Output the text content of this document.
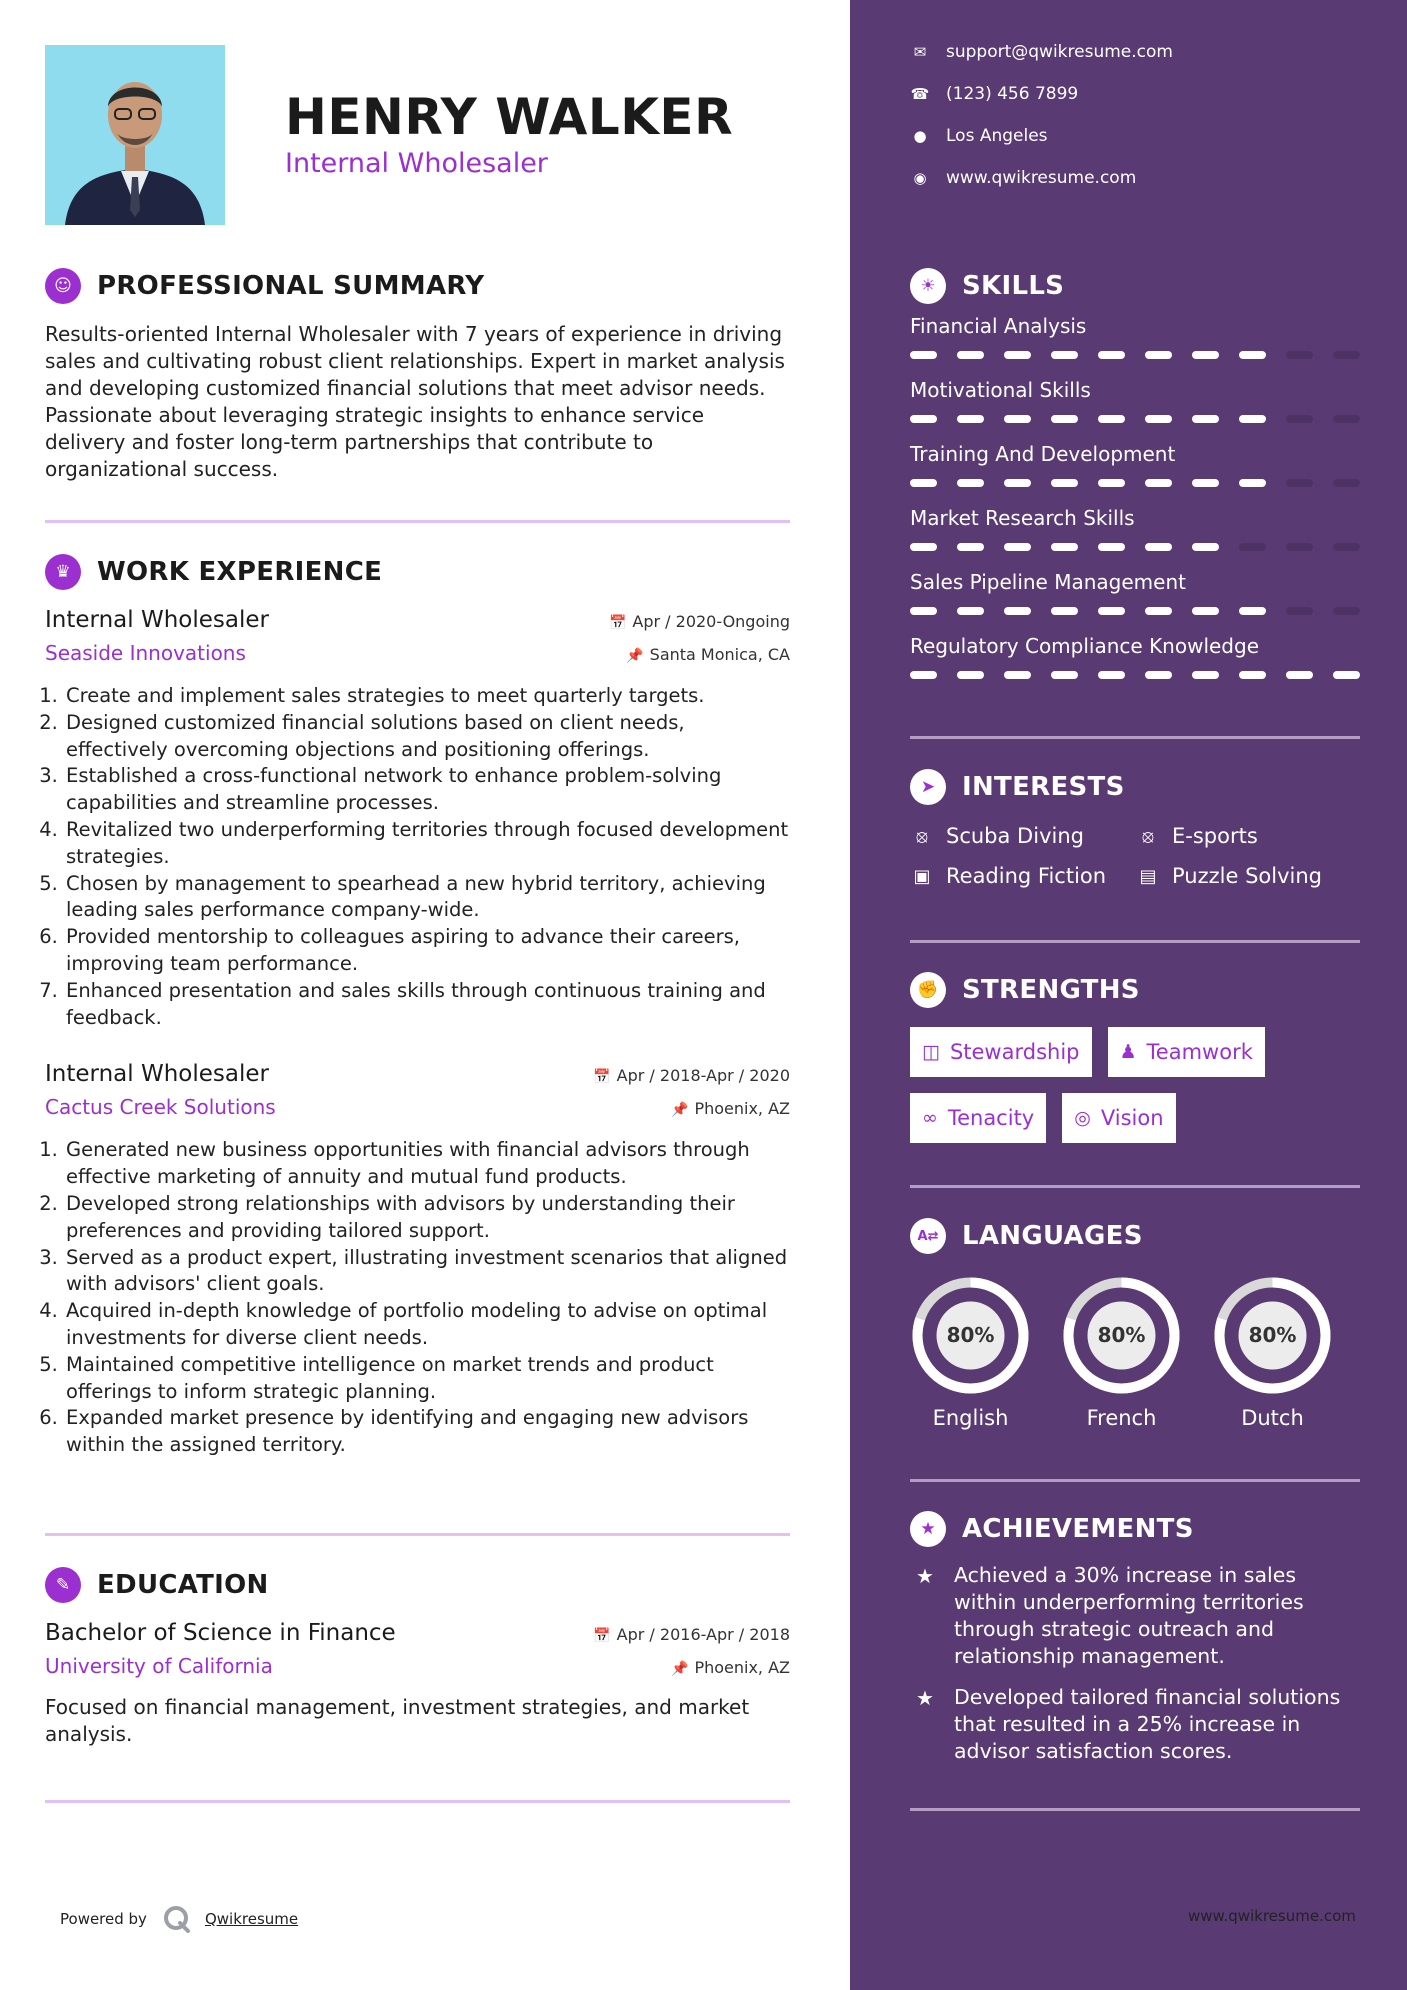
HENRY WALKER
Internal Wholesaler
☺ PROFESSIONAL SUMMARY
Results-oriented Internal Wholesaler with 7 years of experience in driving sales and cultivating robust client relationships. Expert in market analysis and developing customized financial solutions that meet advisor needs. Passionate about leveraging strategic insights to enhance service delivery and foster long-term partnerships that contribute to organizational success.
♛	WORK EXPERIENCE
Internal Wholesaler	📅 Apr / 2020-Ongoing
Seaside Innovations	📌 Santa Monica, CA
1. Create and implement sales strategies to meet quarterly targets.
2. Designed customized financial solutions based on client needs, effectively overcoming objections and positioning offerings.
3. Established a cross-functional network to enhance problem-solving capabilities and streamline processes.
4. Revitalized two underperforming territories through focused development strategies.
5. Chosen by management to spearhead a new hybrid territory, achieving leading sales performance company-wide.
6. Provided mentorship to colleagues aspiring to advance their careers, improving team performance.
7. Enhanced presentation and sales skills through continuous training and feedback.
Internal Wholesaler	📅 Apr / 2018-Apr / 2020
Cactus Creek Solutions	📌 Phoenix, AZ
1. Generated new business opportunities with financial advisors through effective marketing of annuity and mutual fund products.
2. Developed strong relationships with advisors by understanding their preferences and providing tailored support.
3. Served as a product expert, illustrating investment scenarios that aligned with advisors' client goals.
4. Acquired in-depth knowledge of portfolio modeling to advise on optimal investments for diverse client needs.
5. Maintained competitive intelligence on market trends and product offerings to inform strategic planning.
6. Expanded market presence by identifying and engaging new advisors within the assigned territory.
✎	EDUCATION
Bachelor of Science in Finance	📅 Apr / 2016-Apr / 2018
University of California	📌 Phoenix, AZ
Focused on financial management, investment strategies, and market analysis.
Powered by	Qwikresume
✉ support@qwikresume.com
☎ (123) 456 7899
● Los Angeles
◉ www.qwikresume.com
☀	SKILLS
Financial Analysis
Motivational Skills
Training And Development
Market Research Skills
Sales Pipeline Management
Regulatory Compliance Knowledge
➤	INTERESTS
⦻ Scuba Diving	⦻ E-sports
▣ Reading Fiction ▤ Puzzle Solving
✊ STRENGTHS
◫ Stewardship ♟ Teamwork
∞ Tenacity ◎ Vision
A⇄ LANGUAGES
80%
English
80%
French
80%
Dutch
★	ACHIEVEMENTS
★ Achieved a 30% increase in sales within underperforming territories through strategic outreach and relationship management.
★ Developed tailored financial solutions that resulted in a 25% increase in advisor satisfaction scores.
www.qwikresume.com
